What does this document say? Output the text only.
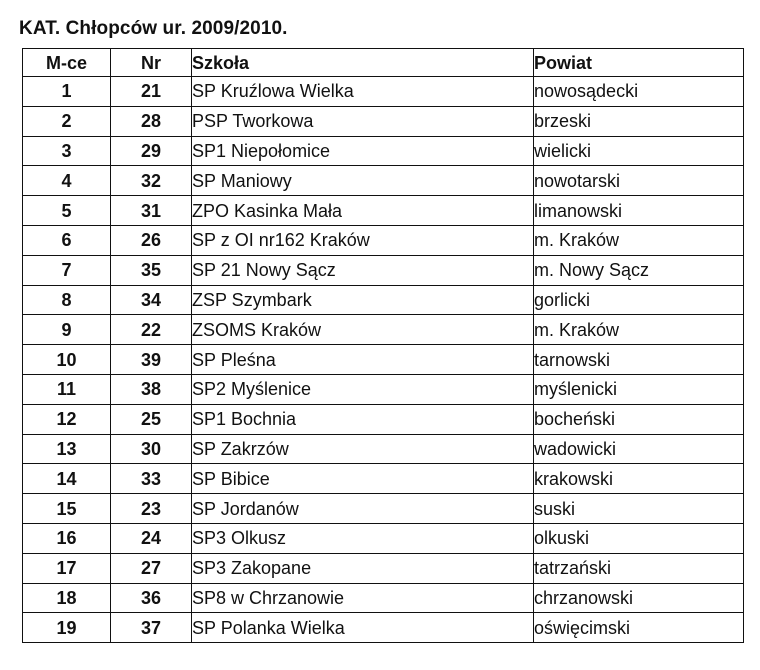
KAT. Chłopców ur. 2009/2010.
M-ce	Nr	Szkoła	Powiat
1	21	SP Kruźlowa Wielka	nowosądecki
2	28	PSP Tworkowa	brzeski
3	29	SP1 Niepołomice	wielicki
4	32	SP Maniowy	nowotarski
5	31	ZPO Kasinka Mała	limanowski
6	26	SP z OI nr162 Kraków	m. Kraków
7	35	SP 21 Nowy Sącz	m. Nowy Sącz
8	34	ZSP Szymbark	gorlicki
9	22	ZSOMS Kraków	m. Kraków
10	39	SP Pleśna	tarnowski
11	38	SP2 Myślenice	myślenicki
12	25	SP1 Bochnia	bocheński
13	30	SP Zakrzów	wadowicki
14	33	SP Bibice	krakowski
15	23	SP Jordanów	suski
16	24	SP3 Olkusz	olkuski
17	27	SP3 Zakopane	tatrzański
18	36	SP8 w Chrzanowie	chrzanowski
19	37	SP Polanka Wielka	oświęcimski
